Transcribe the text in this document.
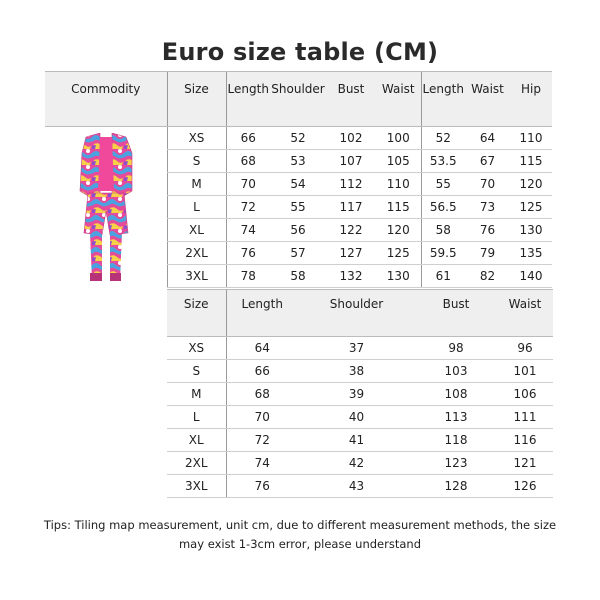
Euro size table (CM)
Commodity	Size	Length	Shoulder	Bust	Waist	Length	Waist	Hip

	XS	66	52	102	100	52	64	110
	S	68	53	107	105	53.5	67	115
	M	70	54	112	110	55	70	120
	L	72	55	117	115	56.5	73	125
	XL	74	56	122	120	58	76	130
	2XL	76	57	127	125	59.5	79	135
	3XL	78	58	132	130	61	82	140
Size	Length	Shoulder	Bust	Waist
XS	64	37	98	96
S	66	38	103	101
M	68	39	108	106
L	70	40	113	111
XL	72	41	118	116
2XL	74	42	123	121
3XL	76	43	128	126
Tips: Tiling map measurement, unit cm, due to different measurement methods, the size
may exist 1-3cm error, please understand
